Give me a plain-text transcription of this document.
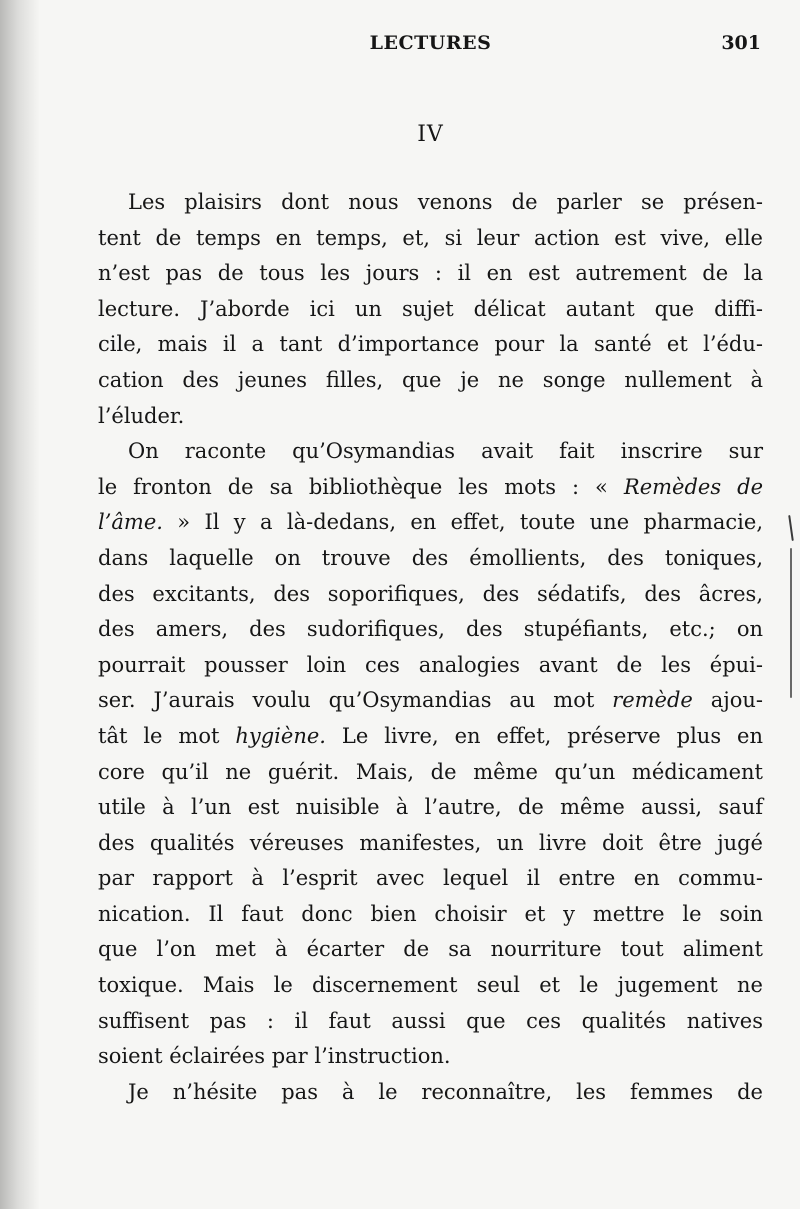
LECTURES	301
IV
Les plaisirs dont nous venons de parler se présen-
tent de temps en temps, et, si leur action est vive, elle
n’est pas de tous les jours : il en est autrement de la
lecture. J’aborde ici un sujet délicat autant que diffi-
cile, mais il a tant d’importance pour la santé et l’édu-
cation des jeunes filles, que je ne songe nullement à
l’éluder.
On raconte qu’Osymandias avait fait inscrire sur
le fronton de sa bibliothèque les mots : « Remèdes de
l’âme. » Il y a là-dedans, en effet, toute une pharmacie,
dans laquelle on trouve des émollients, des toniques,
des excitants, des soporifiques, des sédatifs, des âcres,
des amers, des sudorifiques, des stupéfiants, etc.; on
pourrait pousser loin ces analogies avant de les épui-
ser. J’aurais voulu qu’Osymandias au mot remède ajou-
tât le mot hygiène. Le livre, en effet, préserve plus en
core qu’il ne guérit. Mais, de même qu’un médicament
utile à l’un est nuisible à l’autre, de même aussi, sauf
des qualités véreuses manifestes, un livre doit être jugé
par rapport à l’esprit avec lequel il entre en commu-
nication. Il faut donc bien choisir et y mettre le soin
que l’on met à écarter de sa nourriture tout aliment
toxique. Mais le discernement seul et le jugement ne
suffisent pas : il faut aussi que ces qualités natives
soient éclairées par l’instruction.
Je n’hésite pas à le reconnaître, les femmes de
